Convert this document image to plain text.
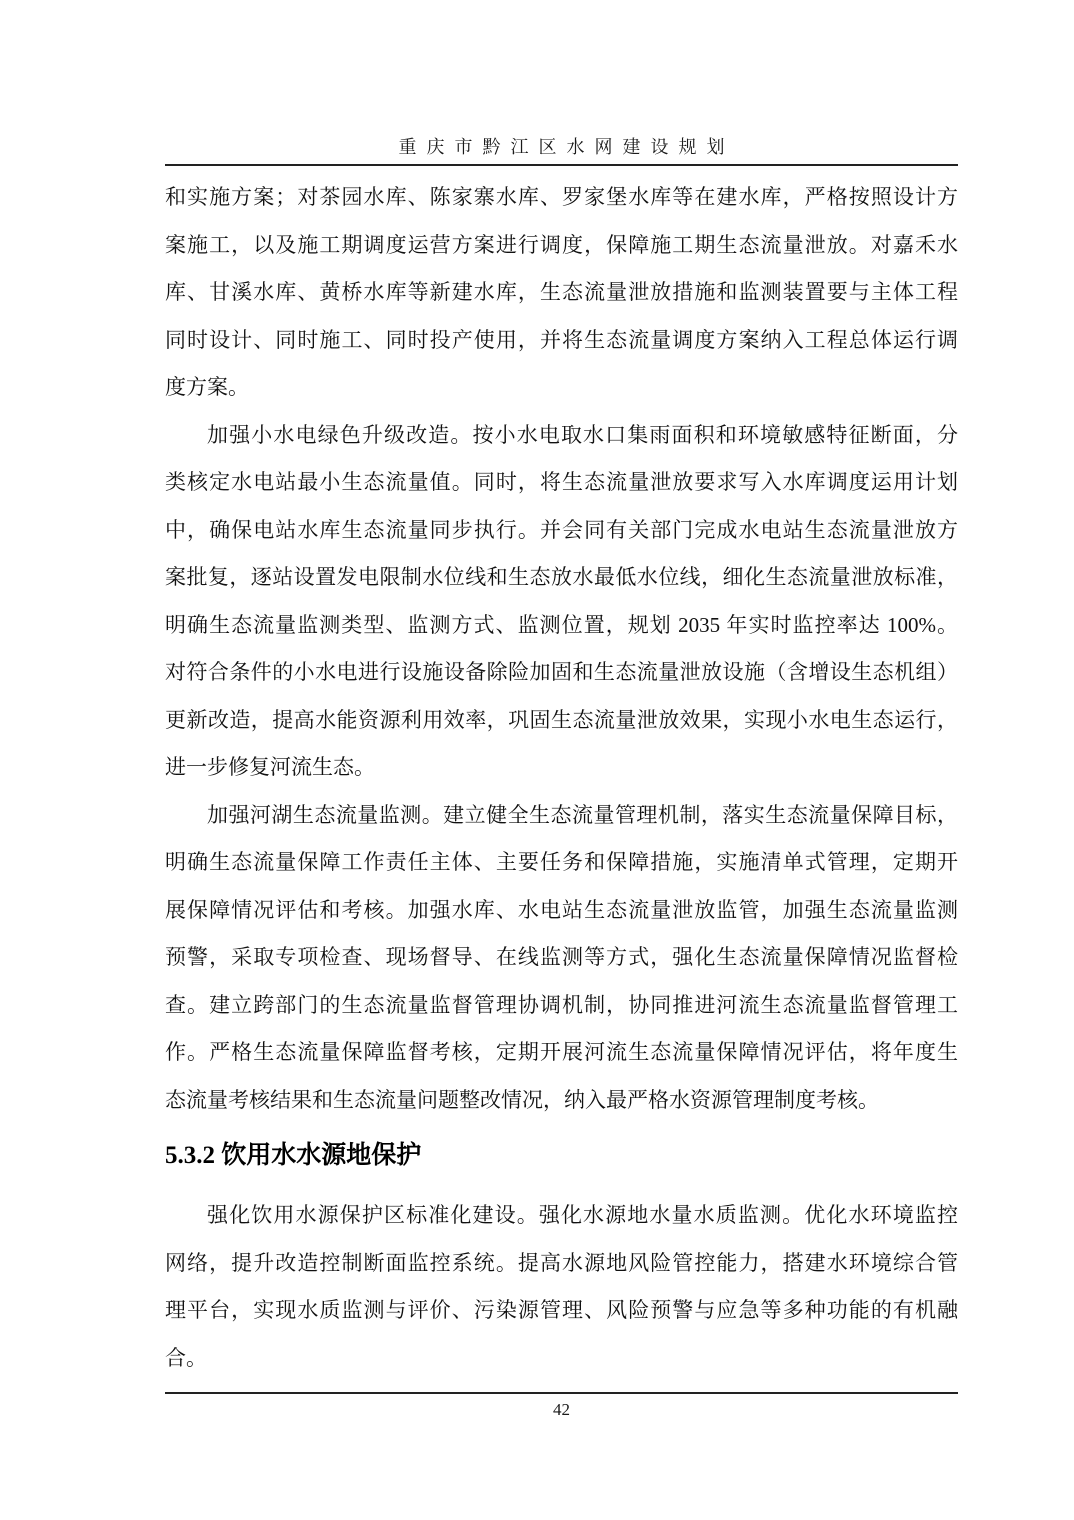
重庆市黔江区水网建设规划
和实施方案；对茶园水库、陈家寨水库、罗家堡水库等在建水库，严格按照设计方
案施工，以及施工期调度运营方案进行调度，保障施工期生态流量泄放。对嘉禾水
库、甘溪水库、黄桥水库等新建水库，生态流量泄放措施和监测装置要与主体工程
同时设计、同时施工、同时投产使用，并将生态流量调度方案纳入工程总体运行调
度方案。
加强小水电绿色升级改造。按小水电取水口集雨面积和环境敏感特征断面，分
类核定水电站最小生态流量值。同时，将生态流量泄放要求写入水库调度运用计划
中，确保电站水库生态流量同步执行。并会同有关部门完成水电站生态流量泄放方
案批复，逐站设置发电限制水位线和生态放水最低水位线，细化生态流量泄放标准，
明确生态流量监测类型、监测方式、监测位置，规划 2035 年实时监控率达 100%。
对符合条件的小水电进行设施设备除险加固和生态流量泄放设施（含增设生态机组）
更新改造，提高水能资源利用效率，巩固生态流量泄放效果，实现小水电生态运行，
进一步修复河流生态。
加强河湖生态流量监测。建立健全生态流量管理机制，落实生态流量保障目标，
明确生态流量保障工作责任主体、主要任务和保障措施，实施清单式管理，定期开
展保障情况评估和考核。加强水库、水电站生态流量泄放监管，加强生态流量监测
预警，采取专项检查、现场督导、在线监测等方式，强化生态流量保障情况监督检
查。建立跨部门的生态流量监督管理协调机制，协同推进河流生态流量监督管理工
作。严格生态流量保障监督考核，定期开展河流生态流量保障情况评估，将年度生
态流量考核结果和生态流量问题整改情况，纳入最严格水资源管理制度考核。
5.3.2 饮用水水源地保护
强化饮用水源保护区标准化建设。强化水源地水量水质监测。优化水环境监控
网络，提升改造控制断面监控系统。提高水源地风险管控能力，搭建水环境综合管
理平台，实现水质监测与评价、污染源管理、风险预警与应急等多种功能的有机融
合。
42
